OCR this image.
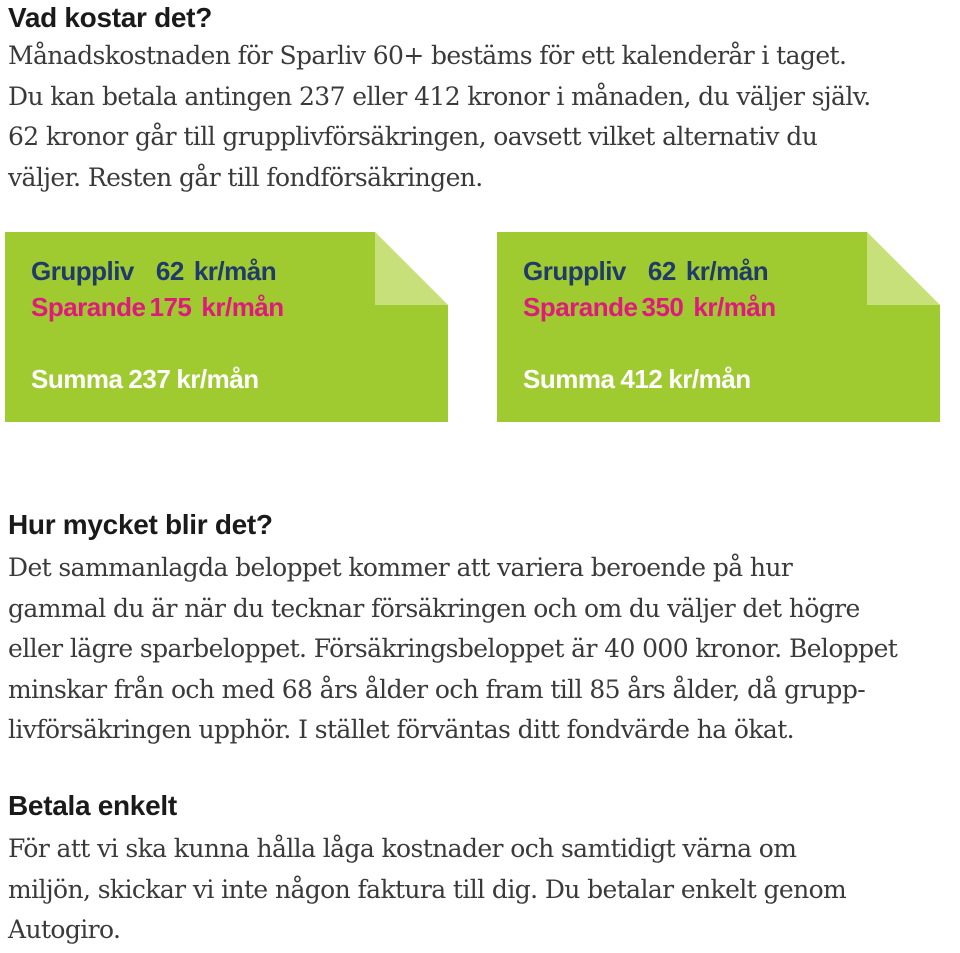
Vad kostar det?

Månadskostnaden för Sparliv 60+ bestäms för ett kalenderår i taget.
Du kan betala antingen 237 eller 412 kronor i månaden, du väljer själv.
62 kronor går till grupplivförsäkringen, oavsett vilket alternativ du
väljer. Resten går till fondförsäkringen.

Gruppliv 62 kr/mån
Sparande 175 kr/mån
Summa 237 kr/mån
Gruppliv 62 kr/mån
Sparande 350 kr/mån
Summa 412 kr/mån
Hur mycket blir det?

Det sammanlagda beloppet kommer att variera beroende på hur
gammal du är när du tecknar försäkringen och om du väljer det högre
eller lägre sparbeloppet. Försäkringsbeloppet är 40 000 kronor. Beloppet
minskar från och med 68 års ålder och fram till 85 års ålder, då grupp-
livförsäkringen upphör. I stället förväntas ditt fondvärde ha ökat.

Betala enkelt

För att vi ska kunna hålla låga kostnader och samtidigt värna om
miljön, skickar vi inte någon faktura till dig. Du betalar enkelt genom
Autogiro.
